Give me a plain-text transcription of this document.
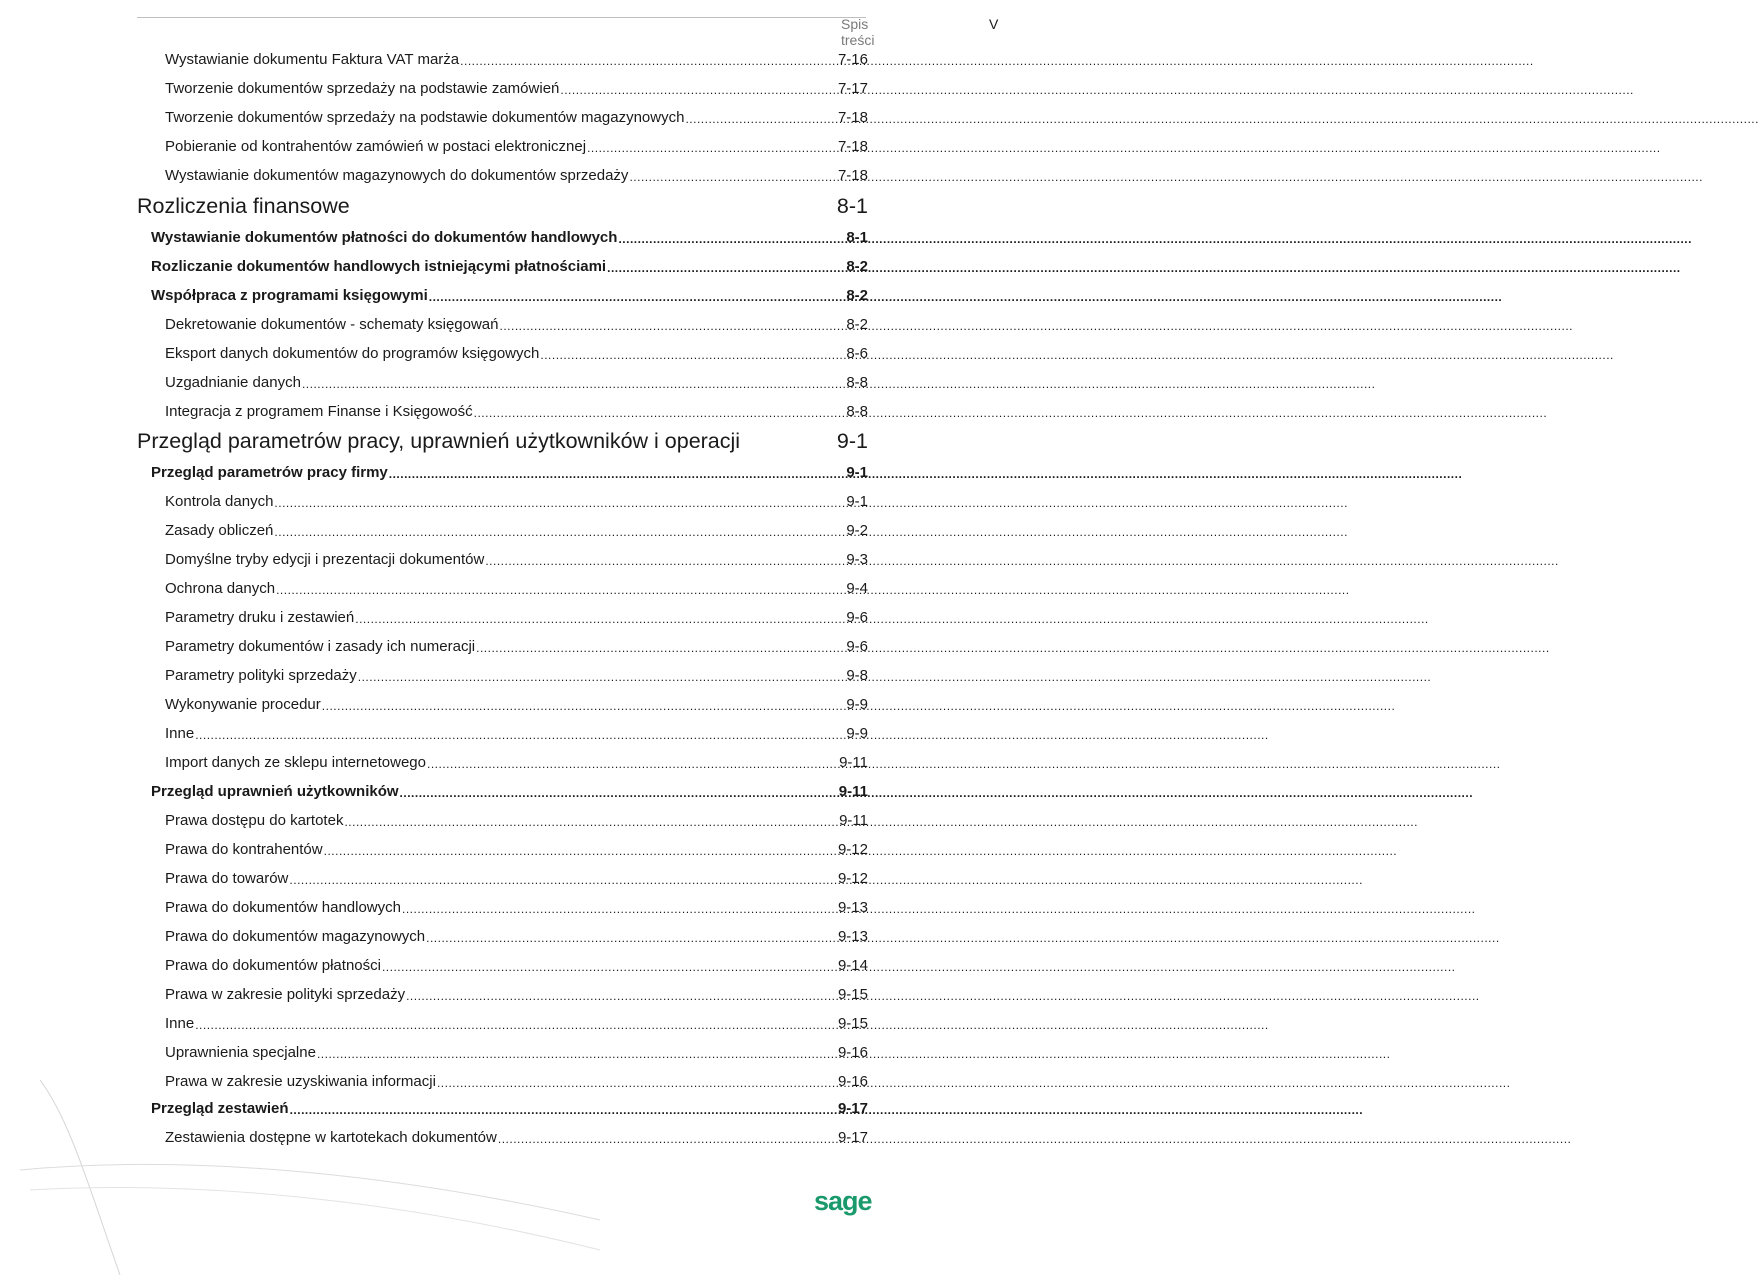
Spis treści
V
Wystawianie dokumentu Faktura VAT marża .....	7-16
Tworzenie dokumentów sprzedaży na podstawie zamówień .....	7-17
Tworzenie dokumentów sprzedaży na podstawie dokumentów magazynowych .....	7-18
Pobieranie od kontrahentów zamówień w postaci elektronicznej .....	7-18
Wystawianie dokumentów magazynowych do dokumentów sprzedaży .....	7-18
Rozliczenia finansowe	8-1
Wystawianie dokumentów płatności do dokumentów handlowych .....	8-1
Rozliczanie dokumentów handlowych istniejącymi płatnościami .....	8-2
Współpraca z programami księgowymi .....	8-2
Dekretowanie dokumentów - schematy księgowań .....	8-2
Eksport danych dokumentów do programów księgowych .....	8-6
Uzgadnianie danych .....	8-8
Integracja z programem Finanse i Księgowość .....	8-8
Przegląd parametrów pracy, uprawnień użytkowników i operacji	9-1
Przegląd parametrów pracy firmy .....	9-1
Kontrola danych .....	9-1
Zasady obliczeń .....	9-2
Domyślne tryby edycji i prezentacji dokumentów .....	9-3
Ochrona danych .....	9-4
Parametry druku i zestawień .....	9-6
Parametry dokumentów i zasady ich numeracji .....	9-6
Parametry polityki sprzedaży .....	9-8
Wykonywanie procedur .....	9-9
Inne .....	9-9
Import danych ze sklepu internetowego .....	9-11
Przegląd uprawnień użytkowników .....	9-11
Prawa dostępu do kartotek .....	9-11
Prawa do kontrahentów .....	9-12
Prawa do towarów .....	9-12
Prawa do dokumentów handlowych .....	9-13
Prawa do dokumentów magazynowych .....	9-13
Prawa do dokumentów płatności .....	9-14
Prawa w zakresie polityki sprzedaży .....	9-15
Inne .....	9-15
Uprawnienia specjalne .....	9-16
Prawa w zakresie uzyskiwania informacji .....	9-16
Przegląd zestawień .....	9-17
Zestawienia dostępne w kartotekach dokumentów .....	9-17
sage
